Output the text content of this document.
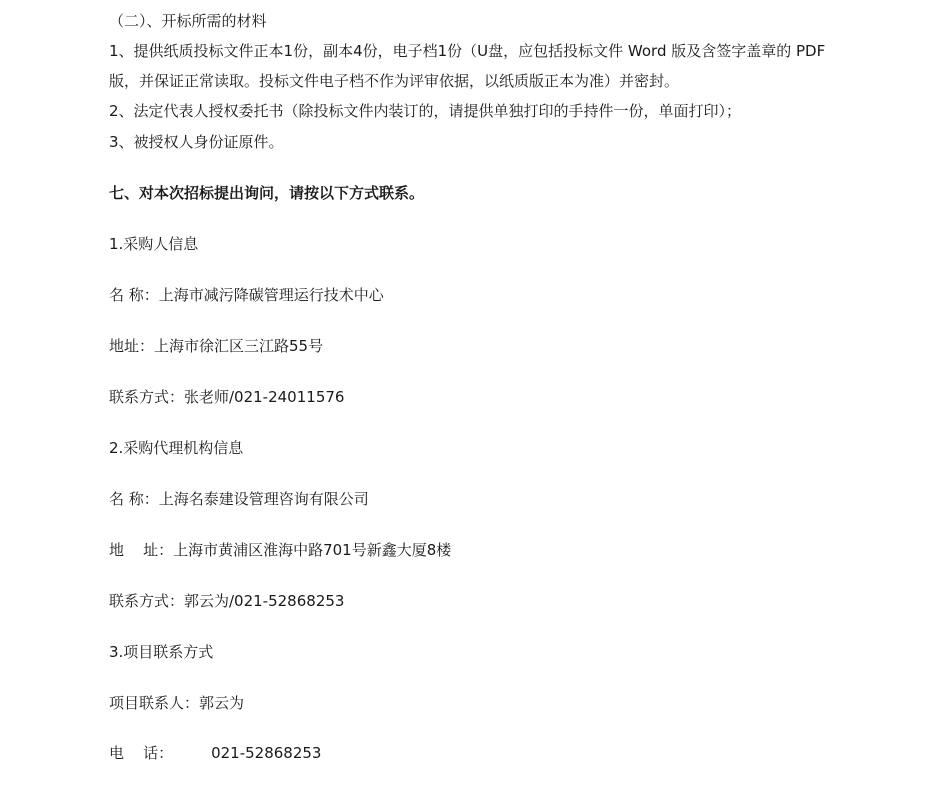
（二）、开标所需的材料
1、提供纸质投标文件正本1份，副本4份，电子档1份（U盘，应包括投标文件 Word 版及含签字盖章的 PDF
版，并保证正常读取。投标文件电子档不作为评审依据，以纸质版正本为准）并密封。
2、法定代表人授权委托书（除投标文件内装订的，请提供单独打印的手持件一份，单面打印）；
3、被授权人身份证原件。
七、对本次招标提出询问，请按以下方式联系。
1.采购人信息
名 称：上海市减污降碳管理运行技术中心
地址：上海市徐汇区三江路55号
联系方式：张老师/021-24011576
2.采购代理机构信息
名 称：上海名泰建设管理咨询有限公司
地    址：上海市黄浦区淮海中路701号新鑫大厦8楼
联系方式：郭云为/021-52868253
3.项目联系方式
项目联系人：郭云为
电    话：	021-52868253
